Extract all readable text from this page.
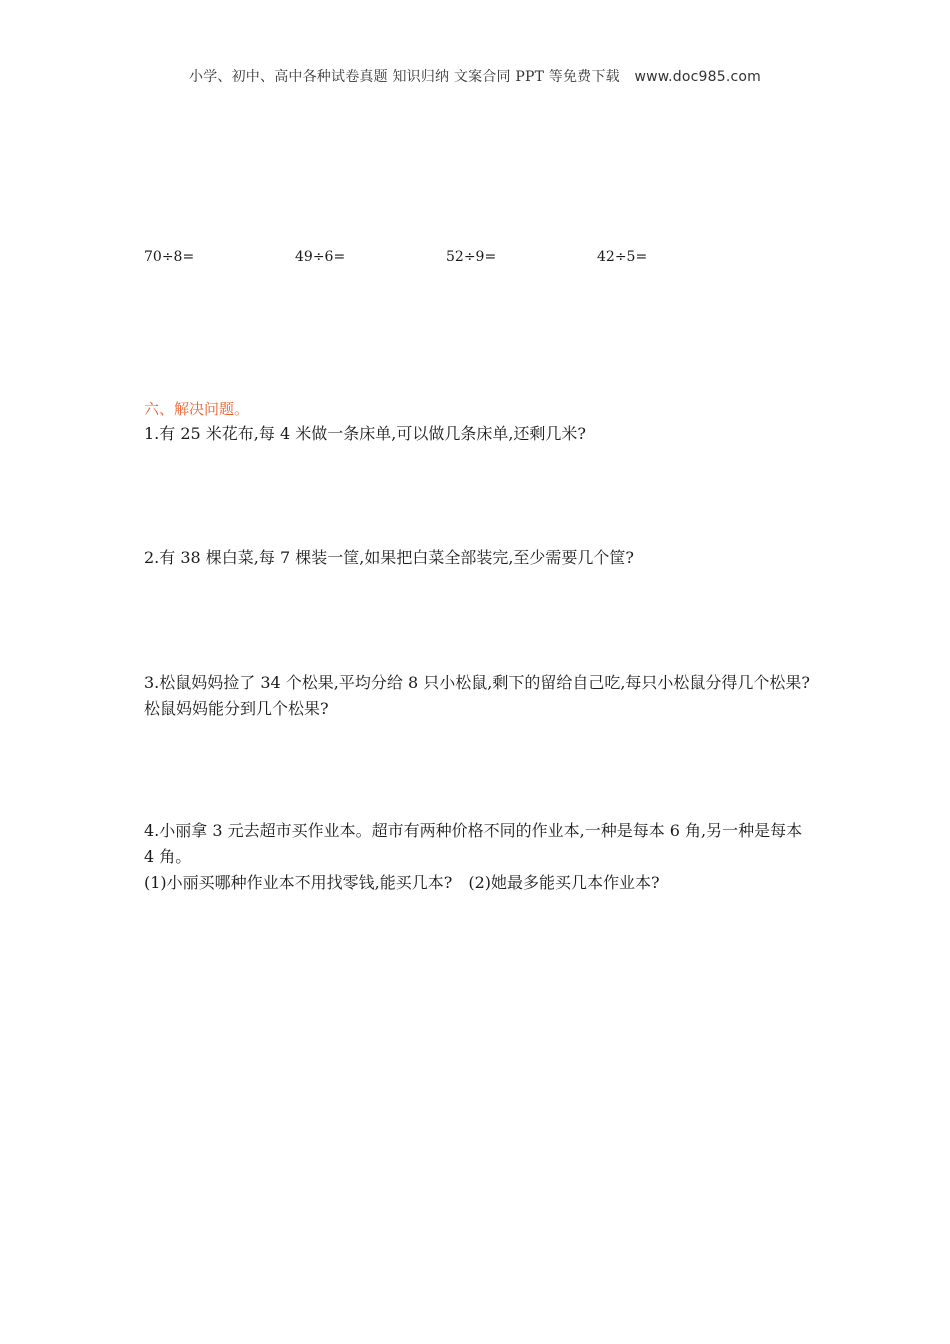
小学、初中、高中各种试卷真题 知识归纳 文案合同 PPT 等免费下载 www.doc985.com
70÷8=	49÷6=	52÷9=	42÷5=
六、解决问题。
1.有 25 米花布,每 4 米做一条床单,可以做几条床单,还剩几米?
2.有 38 棵白菜,每 7 棵装一筐,如果把白菜全部装完,至少需要几个筐?
3.松鼠妈妈捡了 34 个松果,平均分给 8 只小松鼠,剩下的留给自己吃,每只小松鼠分得几个松果?松鼠妈妈能分到几个松果?
4.小丽拿 3 元去超市买作业本。超市有两种价格不同的作业本,一种是每本 6 角,另一种是每本 4 角。
(1)小丽买哪种作业本不用找零钱,能买几本?　(2)她最多能买几本作业本?
